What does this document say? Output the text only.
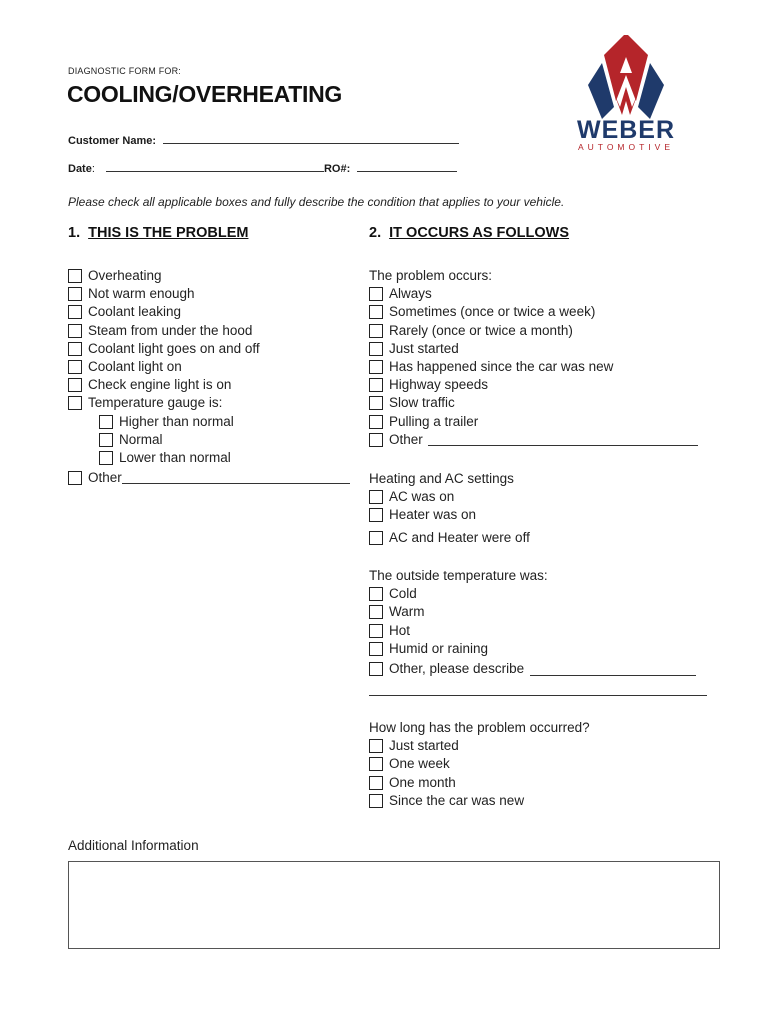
DIAGNOSTIC FORM FOR:
COOLING/OVERHEATING
Customer Name:
Date:	RO#:
Please check all applicable boxes and fully describe the condition that applies to your vehicle.
WEBER
AUTOMOTIVE
1. THIS IS THE PROBLEM	2. IT OCCURS AS FOLLOWS
Overheating
Not warm enough
Coolant leaking
Steam from under the hood
Coolant light goes on and off
Coolant light on
Check engine light is on
Temperature gauge is:
Higher than normal
Normal
Lower than normal
Other
The problem occurs:
Always
Sometimes (once or twice a week)
Rarely (once or twice a month)
Just started
Has happened since the car was new
Highway speeds
Slow traffic
Pulling a trailer
Other
Heating and AC settings
AC was on
Heater was on
AC and Heater were off
The outside temperature was:
Cold
Warm
Hot
Humid or raining
Other, please describe
How long has the problem occurred?
Just started
One week
One month
Since the car was new
Additional Information
